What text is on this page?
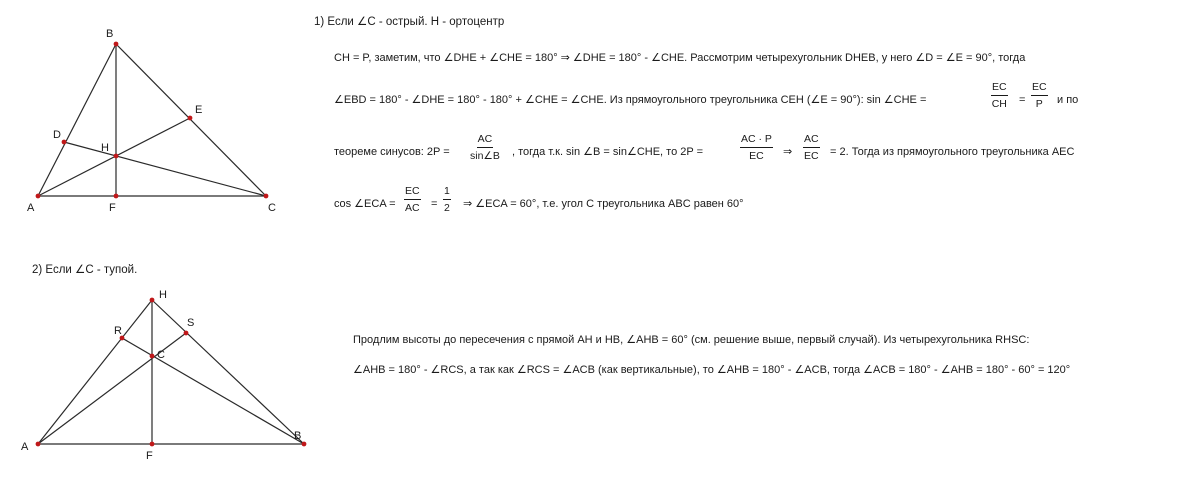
B
E
D
H
A	F	C
H
R
S
C
A
B
F
1) Если ∠C - острый. H - ортоцентр
CH = P, заметим, что ∠DHE + ∠CHE = 180° ⇒ ∠DHE = 180° - ∠CHE. Рассмотрим четырехугольник DHEB, у него ∠D = ∠E = 90°, тогда
∠EBD = 180° - ∠DHE = 180° - 180° + ∠CHE = ∠CHE. Из прямоугольного треугольника CEH (∠E = 90°): sin ∠CHE =	$\frac{EC}{CH} = \frac{EC}{P}$ и по
теореме синусов: $2P = \frac{AC}{\sin\angle B}$ , тогда т.к. sin ∠B = sin∠CHE, то 2P =	$\frac{AC \cdot P}{EC}$ ⇒ $\frac{AC}{EC} = 2$. Тогда из прямоугольного треугольника AEC
cos ∠ECA = $\frac{EC}{AC} = \frac{1}{2}$ ⇒ ∠ECA = 60°, т.е. угол C треугольника ABC равен 60°
2) Если ∠C - тупой.
Продлим высоты до пересечения с прямой AH и HB, ∠AHB = 60° (см. решение выше, первый случай). Из четырехугольника RHSC:
∠AHB = 180° - ∠RCS, а так как ∠RCS = ∠ACB (как вертикальные), то ∠AHB = 180° - ∠ACB, тогда ∠ACB = 180° - ∠AHB = 180° - 60° = 120°
